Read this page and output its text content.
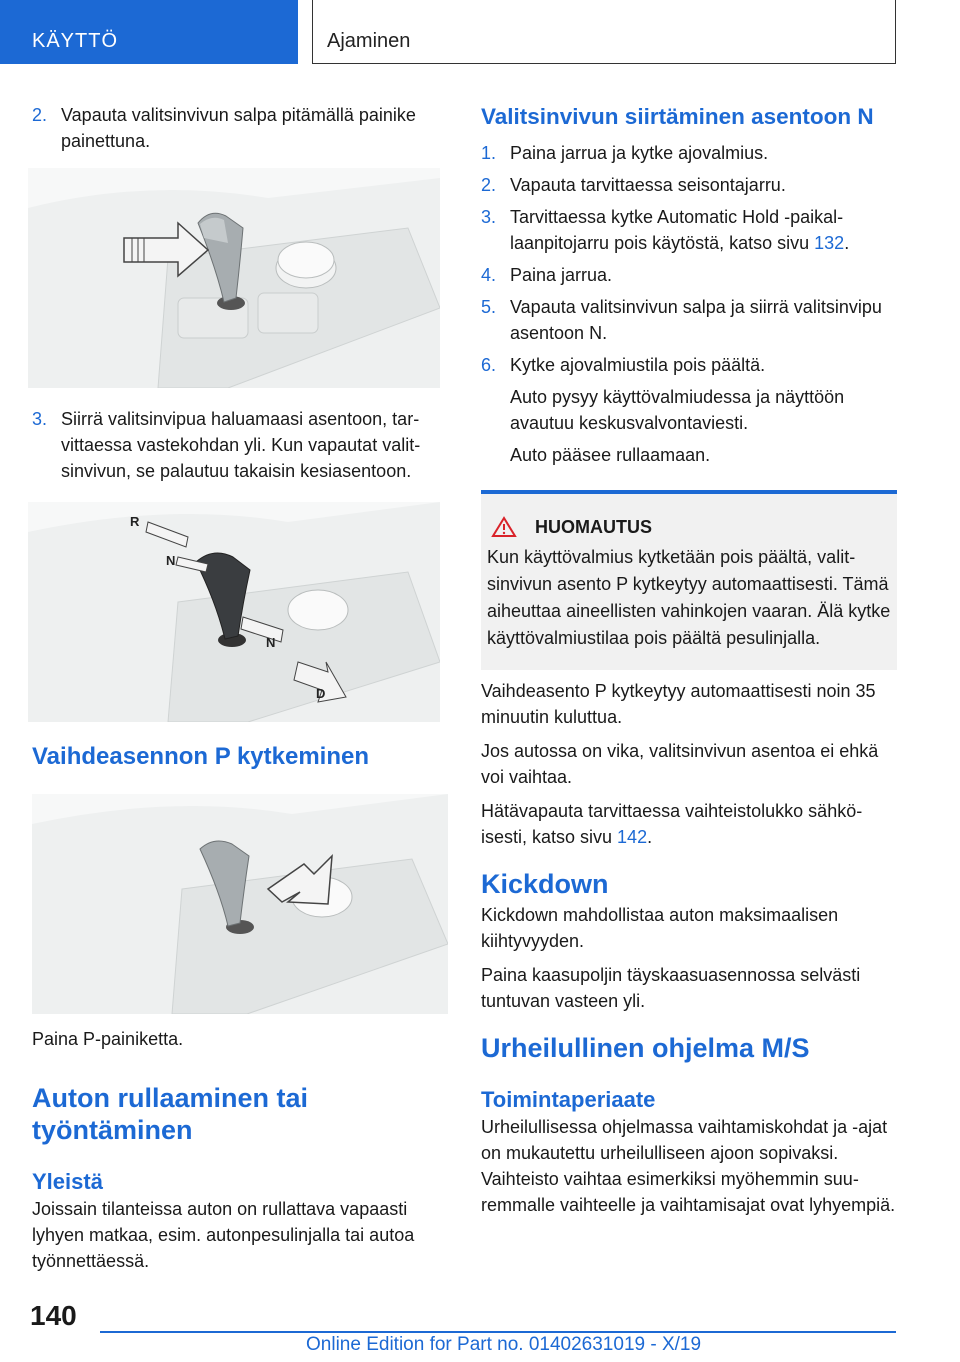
KÄYTTÖ	Ajaminen
2. Vapauta valitsinvivun salpa pitämällä painike painettuna.
3. Siirrä valitsinvipua haluamaasi asentoon, tarvittaessa vastekohdan yli. Kun vapautat valitsinvivun, se palautuu takaisin kesiasentoon.
R
N
N
D
Vaihdeasennon P kytkeminen

Paina P-painiketta.

Auton rullaaminen tai työntäminen
Yleistä

Joissain tilanteissa auton on rullattava vapaasti lyhyen matkaa, esim. autonpesulinjalla tai autoa työnnettäessä.

Valitsinvivun siirtäminen asentoon N
1. Paina jarrua ja kytke ajovalmius.
2. Vapauta tarvittaessa seisontajarru.
3. Tarvittaessa kytke Automatic Hold -paikallaanpitojarru pois käytöstä, katso sivu 132.
4. Paina jarrua.
5. Vapauta valitsinvivun salpa ja siirrä valitsinvipu asentoon N.
6. Kytke ajovalmiustila pois päältä.

Auto pysyy käyttövalmiudessa ja näyttöön avautuu keskusvalvontaviesti.

Auto pääsee rullaamaan.

HUOMAUTUS

Kun käyttövalmius kytketään pois päältä, valitsinvivun asento P kytkeytyy automaattisesti. Tämä aiheuttaa aineellisten vahinkojen vaaran. Älä kytke käyttövalmiustilaa pois päältä pesulinjalla.

Vaihdeasento P kytkeytyy automaattisesti noin 35 minuutin kuluttua.

Jos autossa on vika, valitsinvivun asentoa ei ehkä voi vaihtaa.

Hätävapauta tarvittaessa vaihteistolukko sähköisesti, katso sivu 142.

Kickdown

Kickdown mahdollistaa auton maksimaalisen kiihtyvyyden.

Paina kaasupoljin täyskaasuasennossa selvästi tuntuvan vasteen yli.

Urheilullinen ohjelma M/S
Toimintaperiaate

Urheilullisessa ohjelmassa vaihtamiskohdat ja -ajat on mukautettu urheilulliseen ajoon sopivaksi. Vaihteisto vaihtaa esimerkiksi myöhemmin suuremmalle vaihteelle ja vaihtamisajat ovat lyhyempiä.

140
Online Edition for Part no. 01402631019 - X/19
